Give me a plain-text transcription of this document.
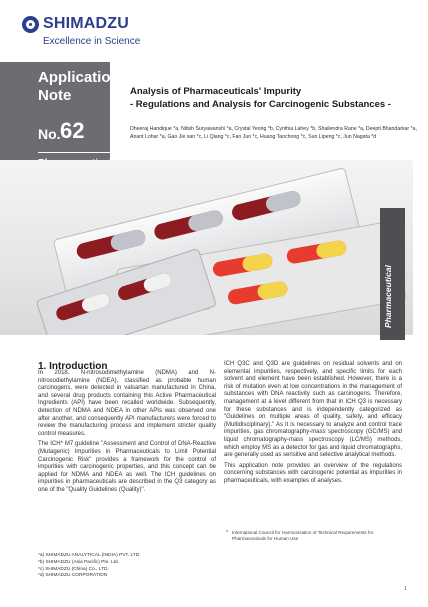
SHIMADZU
Excellence in Science
Application
Note
No. 62
Analysis of Pharmaceuticals' Impurity
- Regulations and Analysis for Carcinogenic Substances -
Dheeraj Handique *a, Nitish Suryawanshi *a, Crystal Yeong *b, Cynthia Lahey *b, Shailendra Rane *a, Deepti Bhandarkar *a, Anant Lohar *a, Gao Jie san *c, Li Qiang *c, Fan Jun *c, Huang Taochong *c, Sun Lipeng *c, Jun Nagata *d
Pharmaceutical
1. Introduction

In 2018, N-nitrosodimethylamine (NDMA) and N-nitrosodiethylamine (NDEA), classified as probable human carcinogens, were detected in valsartan manufactured in China, and several drug products containing this Active Pharmaceutical Ingredients (API) have been recalled worldwide. Subsequently, detection of NDMA and NDEA in other APIs was observed one after another, and consequently API manufacturers were forced to review the manufacturing process and implement stricter quality control measures.

The ICH* M7 guideline "Assessment and Control of DNA-Reactive (Mutagenic) Impurities in Pharmaceuticals to Limit Potential Carcinogenic Risk" provides a framework for the control of impurities with carcinogenic properties, and this concept can be applied for NDMA and NDEA as well. The ICH guidelines on impurities in pharmaceuticals are described in the Q3 category as one of the "Quality Guidelines (Quality)".

ICH Q3C and Q3D are guidelines on residual solvents and on elemental impurities, respectively, and specific limits for each solvent and element have been established. However, there is a risk of mutation even at low concentrations in the management of substances with DNA reactivity such as carcinogens. Therefore, management at a level different from that in ICH Q3 is necessary for these substances and is independently categorized as "Guidelines on multiple areas of quality, safety, and efficacy (Multidisciplinary)." As it is necessary to analyze and control trace impurities, gas chromatography-mass spectroscopy (GC/MS) and liquid chromatography-mass spectroscopy (LC/MS) methods, which employ MS as a detector for gas and liquid chromatographs, are generally used as sensitive and selective analytical methods.

This application note provides an overview of the regulations concerning substances with carcinogenic potential as impurities in pharmaceuticals, with examples of analyses.

* International Council for Harmonization of Technical Requirements for Pharmaceuticals for Human Use
*a) SHIMADZU ANALYTICAL (INDIA) PVT. LTD.
*b) SHIMADZU (Asia Pacific) Pte. Ltd.
*c) SHIMADZU (China) Co., LTD.
*d) SHIMADZU CORPORATION
1
